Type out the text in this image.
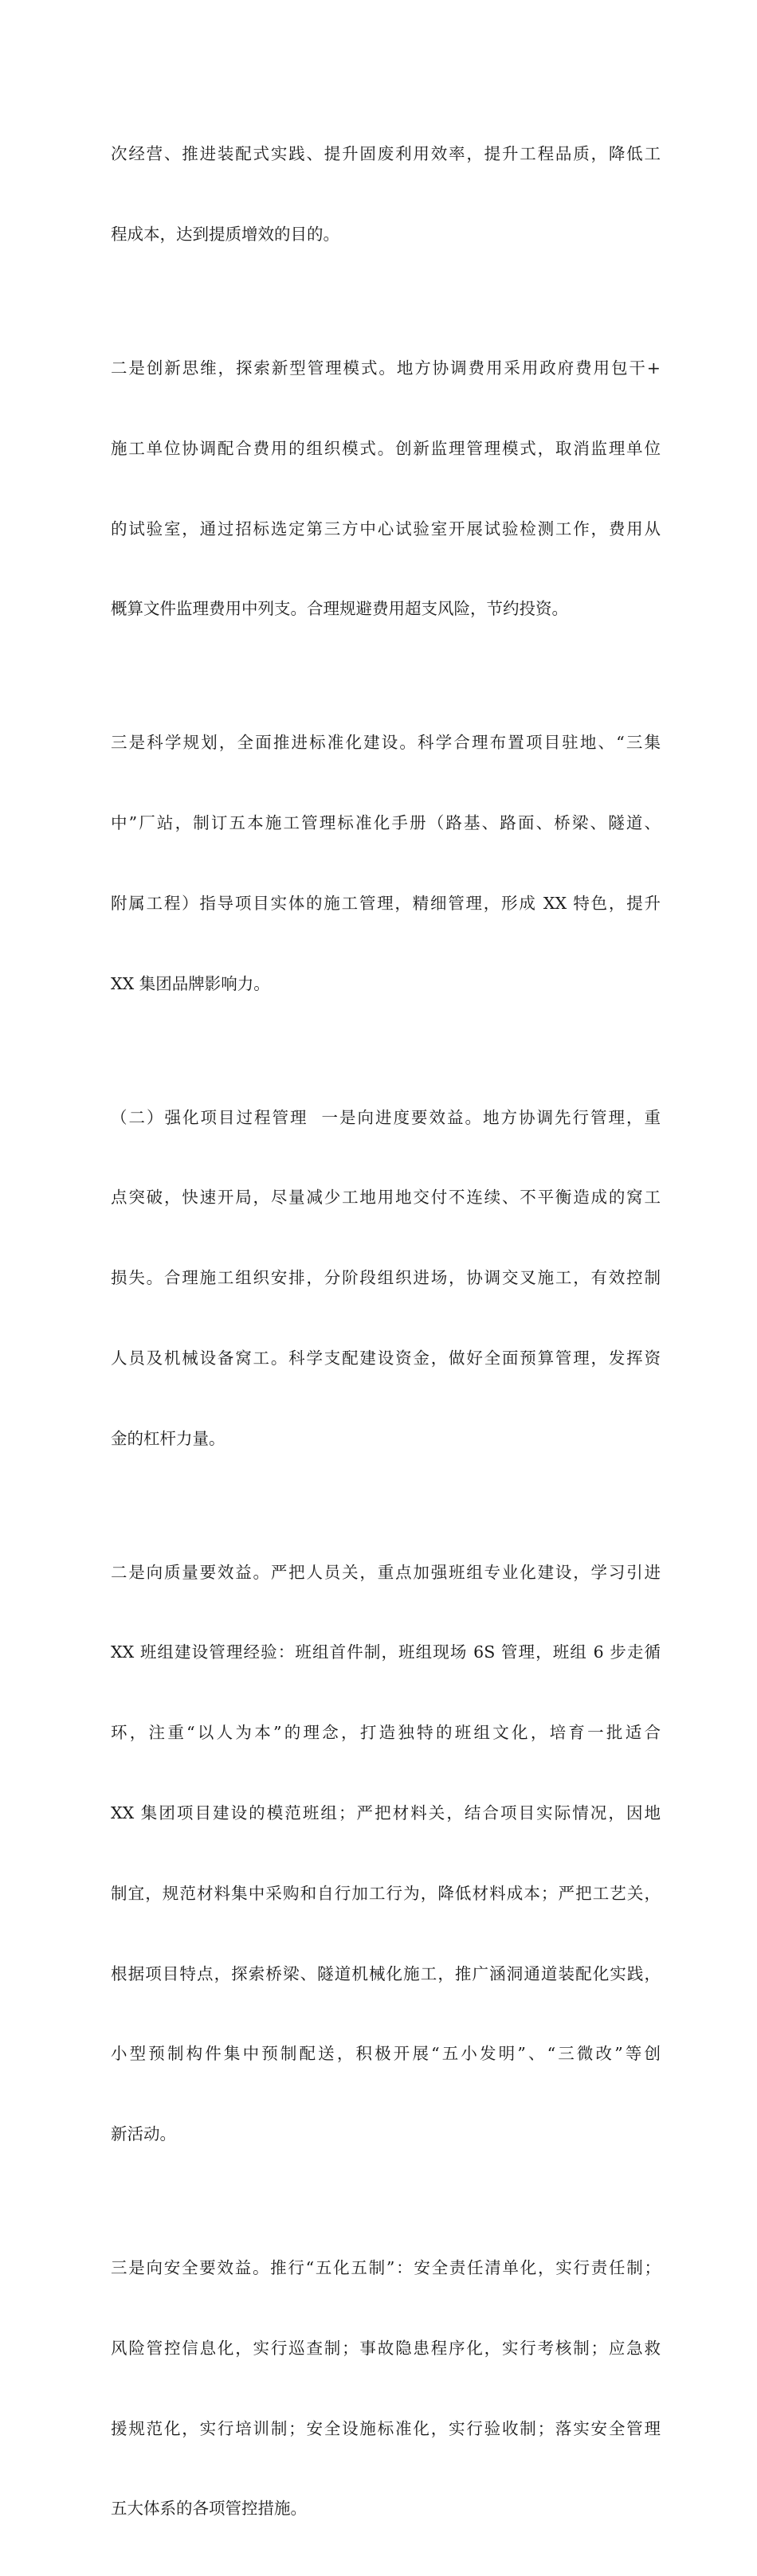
次经营、推进装配式实践、提升固废利用效率，提升工程品质，降低工

程成本，达到提质增效的目的。

二是创新思维，探索新型管理模式。地方协调费用采用政府费用包干+

施工单位协调配合费用的组织模式。创新监理管理模式，取消监理单位

的试验室，通过招标选定第三方中心试验室开展试验检测工作，费用从

概算文件监理费用中列支。合理规避费用超支风险，节约投资。

三是科学规划，全面推进标准化建设。科学合理布置项目驻地、“三集

中”厂站，制订五本施工管理标准化手册（路基、路面、桥梁、隧道、

附属工程）指导项目实体的施工管理，精细管理，形成 XX 特色，提升

XX 集团品牌影响力。

（二）强化项目过程管理  一是向进度要效益。地方协调先行管理，重

点突破，快速开局，尽量减少工地用地交付不连续、不平衡造成的窝工

损失。合理施工组织安排，分阶段组织进场，协调交叉施工，有效控制

人员及机械设备窝工。科学支配建设资金，做好全面预算管理，发挥资

金的杠杆力量。

二是向质量要效益。严把人员关，重点加强班组专业化建设，学习引进

XX 班组建设管理经验：班组首件制，班组现场 6S 管理，班组 6 步走循

环，注重“以人为本”的理念，打造独特的班组文化，培育一批适合

XX 集团项目建设的模范班组；严把材料关，结合项目实际情况，因地

制宜，规范材料集中采购和自行加工行为，降低材料成本；严把工艺关，

根据项目特点，探索桥梁、隧道机械化施工，推广涵洞通道装配化实践，

小型预制构件集中预制配送，积极开展“五小发明”、“三微改”等创

新活动。

三是向安全要效益。推行“五化五制”：安全责任清单化，实行责任制；

风险管控信息化，实行巡查制；事故隐患程序化，实行考核制；应急救

援规范化，实行培训制；安全设施标准化，实行验收制；落实安全管理

五大体系的各项管控措施。
